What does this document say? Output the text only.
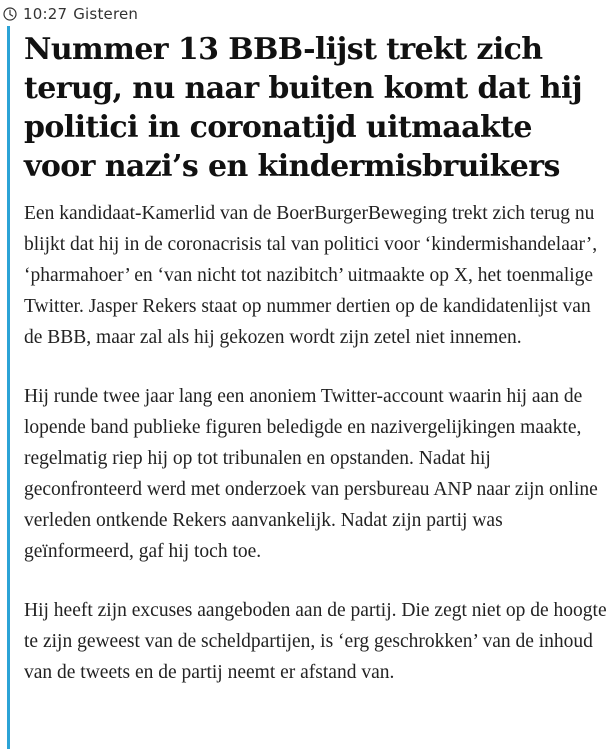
10:27 Gisteren
Nummer 13 BBB-lijst trekt zich terug, nu naar buiten komt dat hij politici in coronatijd uitmaakte voor nazi’s en kindermisbruikers

Een kandidaat-Kamerlid van de BoerBurgerBeweging trekt zich terug nu blijkt dat hij in de coronacrisis tal van politici voor ‘kindermishandelaar’, ‘pharmahoer’ en ‘van nicht tot nazibitch’ uitmaakte op X, het toenmalige Twitter. Jasper Rekers staat op nummer dertien op de kandidatenlijst van de BBB, maar zal als hij gekozen wordt zijn zetel niet innemen.

Hij runde twee jaar lang een anoniem Twitter-account waarin hij aan de lopende band publieke figuren beledigde en nazivergelijkingen maakte, regelmatig riep hij op tot tribunalen en opstanden. Nadat hij geconfronteerd werd met onderzoek van persbureau ANP naar zijn online verleden ontkende Rekers aanvankelijk. Nadat zijn partij was geïnformeerd, gaf hij toch toe.

Hij heeft zijn excuses aangeboden aan de partij. Die zegt niet op de hoogte te zijn geweest van de scheldpartijen, is ‘erg geschrokken’ van de inhoud van de tweets en de partij neemt er afstand van.
